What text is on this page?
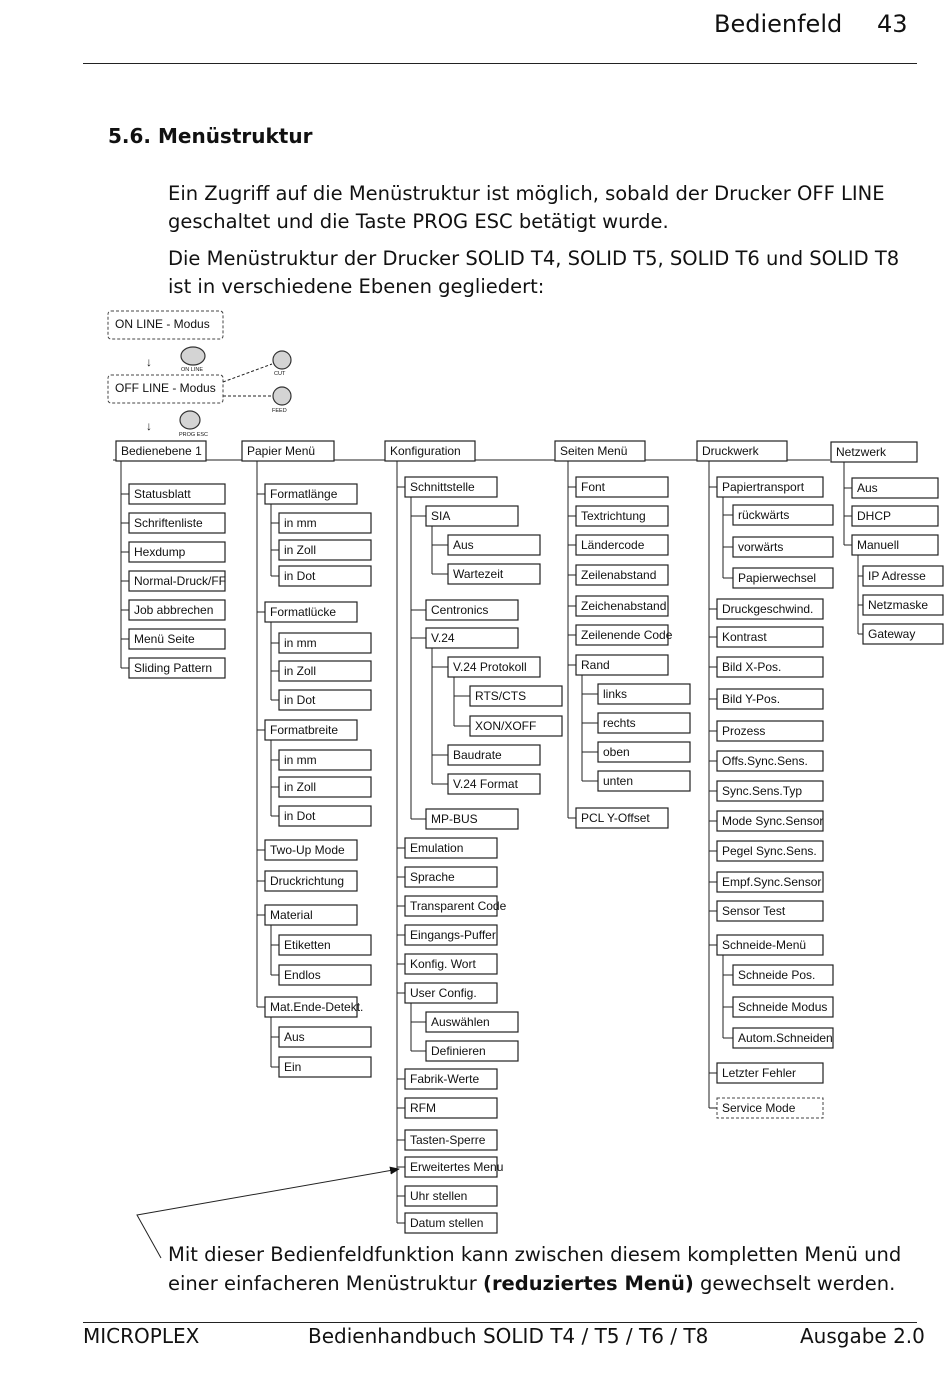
Bedienfeld 43
5.6. Menüstruktur

Ein Zugriff auf die Menüstruktur ist möglich, sobald der Drucker OFF LINE geschaltet und die Taste PROG ESC betätigt wurde.

Die Menüstruktur der Drucker SOLID T4, SOLID T5, SOLID T6 und SOLID T8 ist in verschiedene Ebenen gegliedert:

ON LINE - Modus
OFF LINE - Modus
↓
↓
ON LINE
PROG ESC
CUT
FEED
Bedienebene 1	Papier Menü	Konfiguration	Seiten Menü	Druckwerk	Netzwerk
Statusblatt
Schriftenliste
Hexdump
Normal-Druck/FF
Job abbrechen
Menü Seite
Sliding Pattern
Formatlänge
in mm
in Zoll
in Dot
Formatlücke
in mm
in Zoll
in Dot
Formatbreite
in mm
in Zoll
in Dot
Two-Up Mode
Druckrichtung
Material
Etiketten
Endlos
Mat.Ende-Detekt.
Aus
Ein
Schnittstelle
SIA
Aus
Wartezeit
Centronics
V.24
V.24 Protokoll
RTS/CTS
XON/XOFF
Baudrate
V.24 Format
MP-BUS
Emulation
Sprache
Transparent Code
Eingangs-Puffer
Konfig. Wort
User Config.
Auswählen
Definieren
Fabrik-Werte
RFM
Tasten-Sperre
Erweitertes Menu
Uhr stellen
Datum stellen
Font
Textrichtung
Ländercode
Zeilenabstand
Zeichenabstand
Zeilenende Code
Rand
links
rechts
oben
unten
PCL Y-Offset
Papiertransport
rückwärts
vorwärts
Papierwechsel
Druckgeschwind.
Kontrast
Bild X-Pos.
Bild Y-Pos.
Prozess
Offs.Sync.Sens.
Sync.Sens.Typ
Mode Sync.Sensor
Pegel Sync.Sens.
Empf.Sync.Sensor
Sensor Test
Schneide-Menü
Schneide Pos.
Schneide Modus
Autom.Schneiden
Letzter Fehler
Service Mode
Aus
DHCP
Manuell
IP Adresse
Netzmaske
Gateway

Mit dieser Bedienfeldfunktion kann zwischen diesem kompletten Menü und einer einfacheren Menüstruktur (reduziertes Menü) gewechselt werden.

MICROPLEX	Bedienhandbuch SOLID T4 / T5 / T6 / T8	Ausgabe 2.0
